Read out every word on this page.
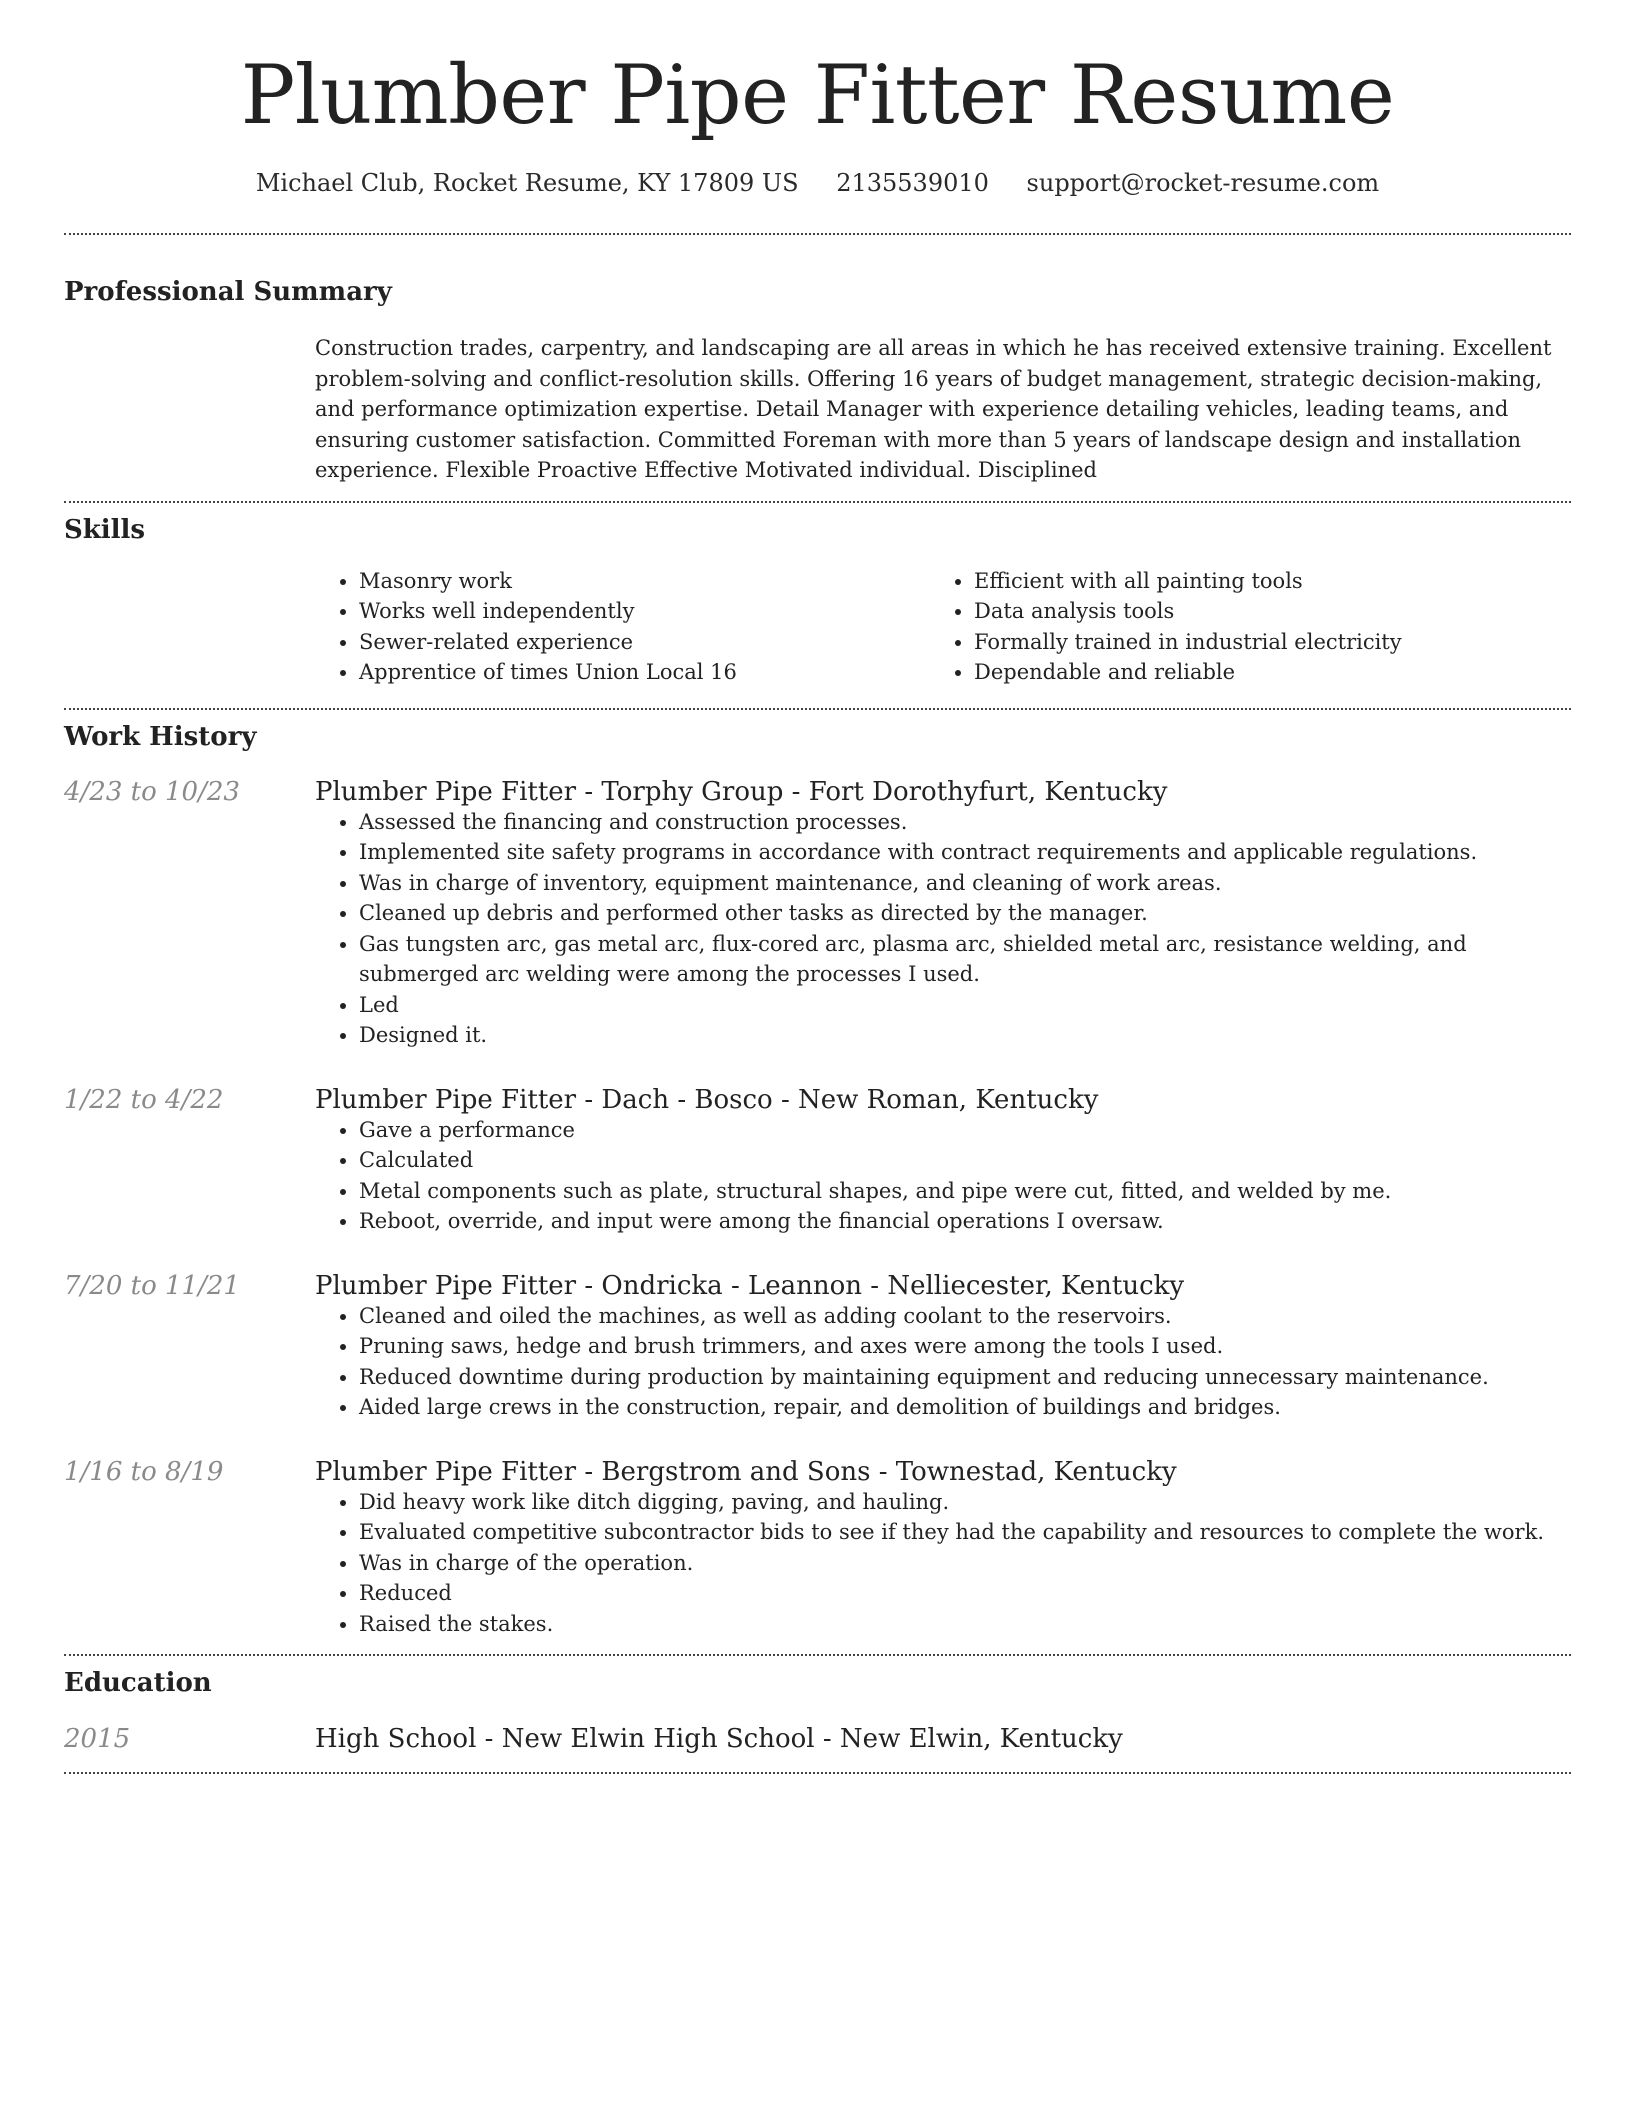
Plumber Pipe Fitter Resume
Michael Club, Rocket Resume, KY 17809 US 2135539010 support@rocket-resume.com
Professional Summary
Construction trades, carpentry, and landscaping are all areas in which he has received extensive training. Excellent problem-solving and conflict-resolution skills. Offering 16 years of budget management, strategic decision-making, and performance optimization expertise. Detail Manager with experience detailing vehicles, leading teams, and ensuring customer satisfaction. Committed Foreman with more than 5 years of landscape design and installation experience. Flexible Proactive Effective Motivated individual. Disciplined
Skills
• Masonry work
• Works well independently
• Sewer-related experience
• Apprentice of times Union Local 16
• Efficient with all painting tools
• Data analysis tools
• Formally trained in industrial electricity
• Dependable and reliable
Work History
4/23 to 10/23	Plumber Pipe Fitter - Torphy Group - Fort Dorothyfurt, Kentucky
• Assessed the financing and construction processes.
• Implemented site safety programs in accordance with contract requirements and applicable regulations.
• Was in charge of inventory, equipment maintenance, and cleaning of work areas.
• Cleaned up debris and performed other tasks as directed by the manager.
• Gas tungsten arc, gas metal arc, flux-cored arc, plasma arc, shielded metal arc, resistance welding, and submerged arc welding were among the processes I used.
• Led
• Designed it.
1/22 to 4/22	Plumber Pipe Fitter - Dach - Bosco - New Roman, Kentucky
• Gave a performance
• Calculated
• Metal components such as plate, structural shapes, and pipe were cut, fitted, and welded by me.
• Reboot, override, and input were among the financial operations I oversaw.
7/20 to 11/21	Plumber Pipe Fitter - Ondricka - Leannon - Nelliecester, Kentucky
• Cleaned and oiled the machines, as well as adding coolant to the reservoirs.
• Pruning saws, hedge and brush trimmers, and axes were among the tools I used.
• Reduced downtime during production by maintaining equipment and reducing unnecessary maintenance.
• Aided large crews in the construction, repair, and demolition of buildings and bridges.
1/16 to 8/19	Plumber Pipe Fitter - Bergstrom and Sons - Townestad, Kentucky
• Did heavy work like ditch digging, paving, and hauling.
• Evaluated competitive subcontractor bids to see if they had the capability and resources to complete the work.
• Was in charge of the operation.
• Reduced
• Raised the stakes.
Education
2015	High School - New Elwin High School - New Elwin, Kentucky
